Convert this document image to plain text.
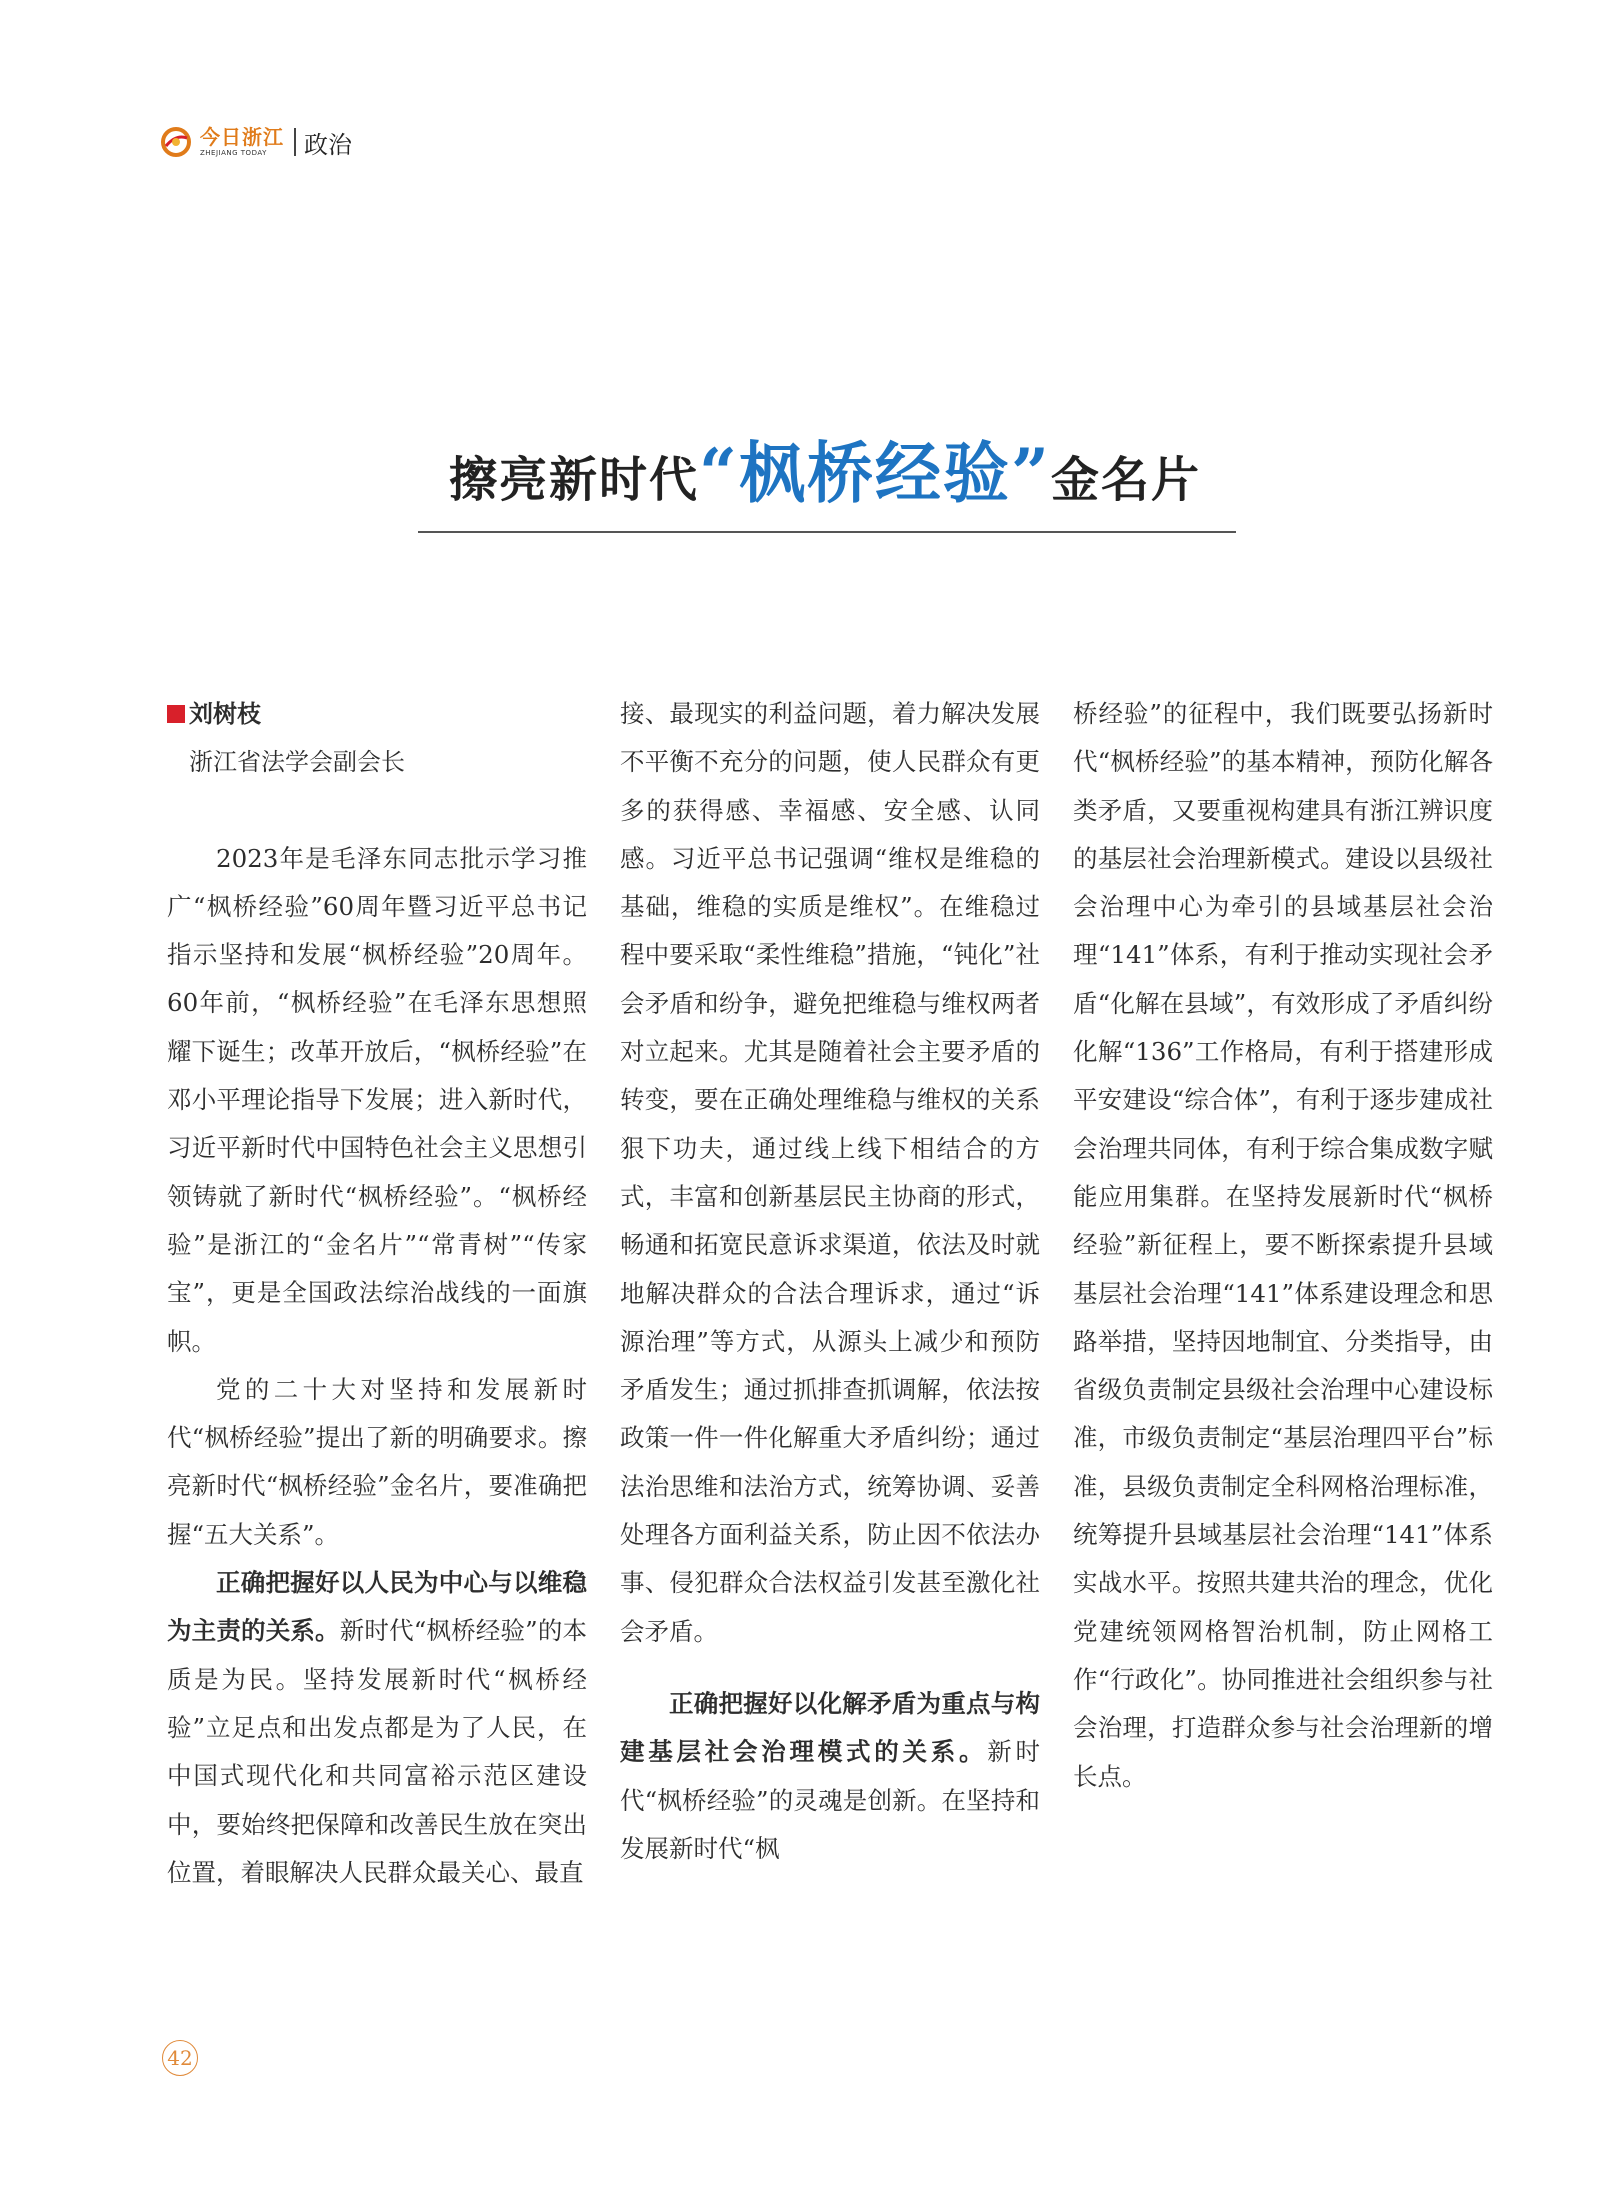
今日浙江
ZHEJIANG TODAY	政治
擦亮新时代 “枫桥经验” 金名片
刘树枝
浙江省法学会副会长

2023年是毛泽东同志批示学习推广“枫桥经验”60周年暨习近平总书记指示坚持和发展“枫桥经验”20周年。60年前，“枫桥经验”在毛泽东思想照耀下诞生；改革开放后，“枫桥经验”在邓小平理论指导下发展；进入新时代，习近平新时代中国特色社会主义思想引领铸就了新时代“枫桥经验”。“枫桥经验”是浙江的“金名片”“常青树”“传家宝”，更是全国政法综治战线的一面旗帜。

党的二十大对坚持和发展新时代“枫桥经验”提出了新的明确要求。擦亮新时代“枫桥经验”金名片，要准确把握“五大关系”。

正确把握好以人民为中心与以维稳为主责的关系。新时代“枫桥经验”的本质是为民。坚持发展新时代“枫桥经验”立足点和出发点都是为了人民，在中国式现代化和共同富裕示范区建设中，要始终把保障和改善民生放在突出位置，着眼解决人民群众最关心、最直

接、最现实的利益问题，着力解决发展不平衡不充分的问题，使人民群众有更多的获得感、幸福感、安全感、认同感。习近平总书记强调“维权是维稳的基础，维稳的实质是维权”。在维稳过程中要采取“柔性维稳”措施，“钝化”社会矛盾和纷争，避免把维稳与维权两者对立起来。尤其是随着社会主要矛盾的转变，要在正确处理维稳与维权的关系狠下功夫，通过线上线下相结合的方式，丰富和创新基层民主协商的形式，畅通和拓宽民意诉求渠道，依法及时就地解决群众的合法合理诉求，通过“诉源治理”等方式，从源头上减少和预防矛盾发生；通过抓排查抓调解，依法按政策一件一件化解重大矛盾纠纷；通过法治思维和法治方式，统筹协调、妥善处理各方面利益关系，防止因不依法办事、侵犯群众合法权益引发甚至激化社会矛盾。

正确把握好以化解矛盾为重点与构建基层社会治理模式的关系。新时代“枫桥经验”的灵魂是创新。在坚持和发展新时代“枫

桥经验”的征程中，我们既要弘扬新时代“枫桥经验”的基本精神，预防化解各类矛盾，又要重视构建具有浙江辨识度的基层社会治理新模式。建设以县级社会治理中心为牵引的县域基层社会治理“141”体系，有利于推动实现社会矛盾“化解在县域”，有效形成了矛盾纠纷化解“136”工作格局，有利于搭建形成平安建设“综合体”，有利于逐步建成社会治理共同体，有利于综合集成数字赋能应用集群。在坚持发展新时代“枫桥经验”新征程上，要不断探索提升县域基层社会治理“141”体系建设理念和思路举措，坚持因地制宜、分类指导，由省级负责制定县级社会治理中心建设标准，市级负责制定“基层治理四平台”标准，县级负责制定全科网格治理标准，统筹提升县域基层社会治理“141”体系实战水平。按照共建共治的理念，优化党建统领网格智治机制，防止网格工作“行政化”。协同推进社会组织参与社会治理，打造群众参与社会治理新的增长点。

42
